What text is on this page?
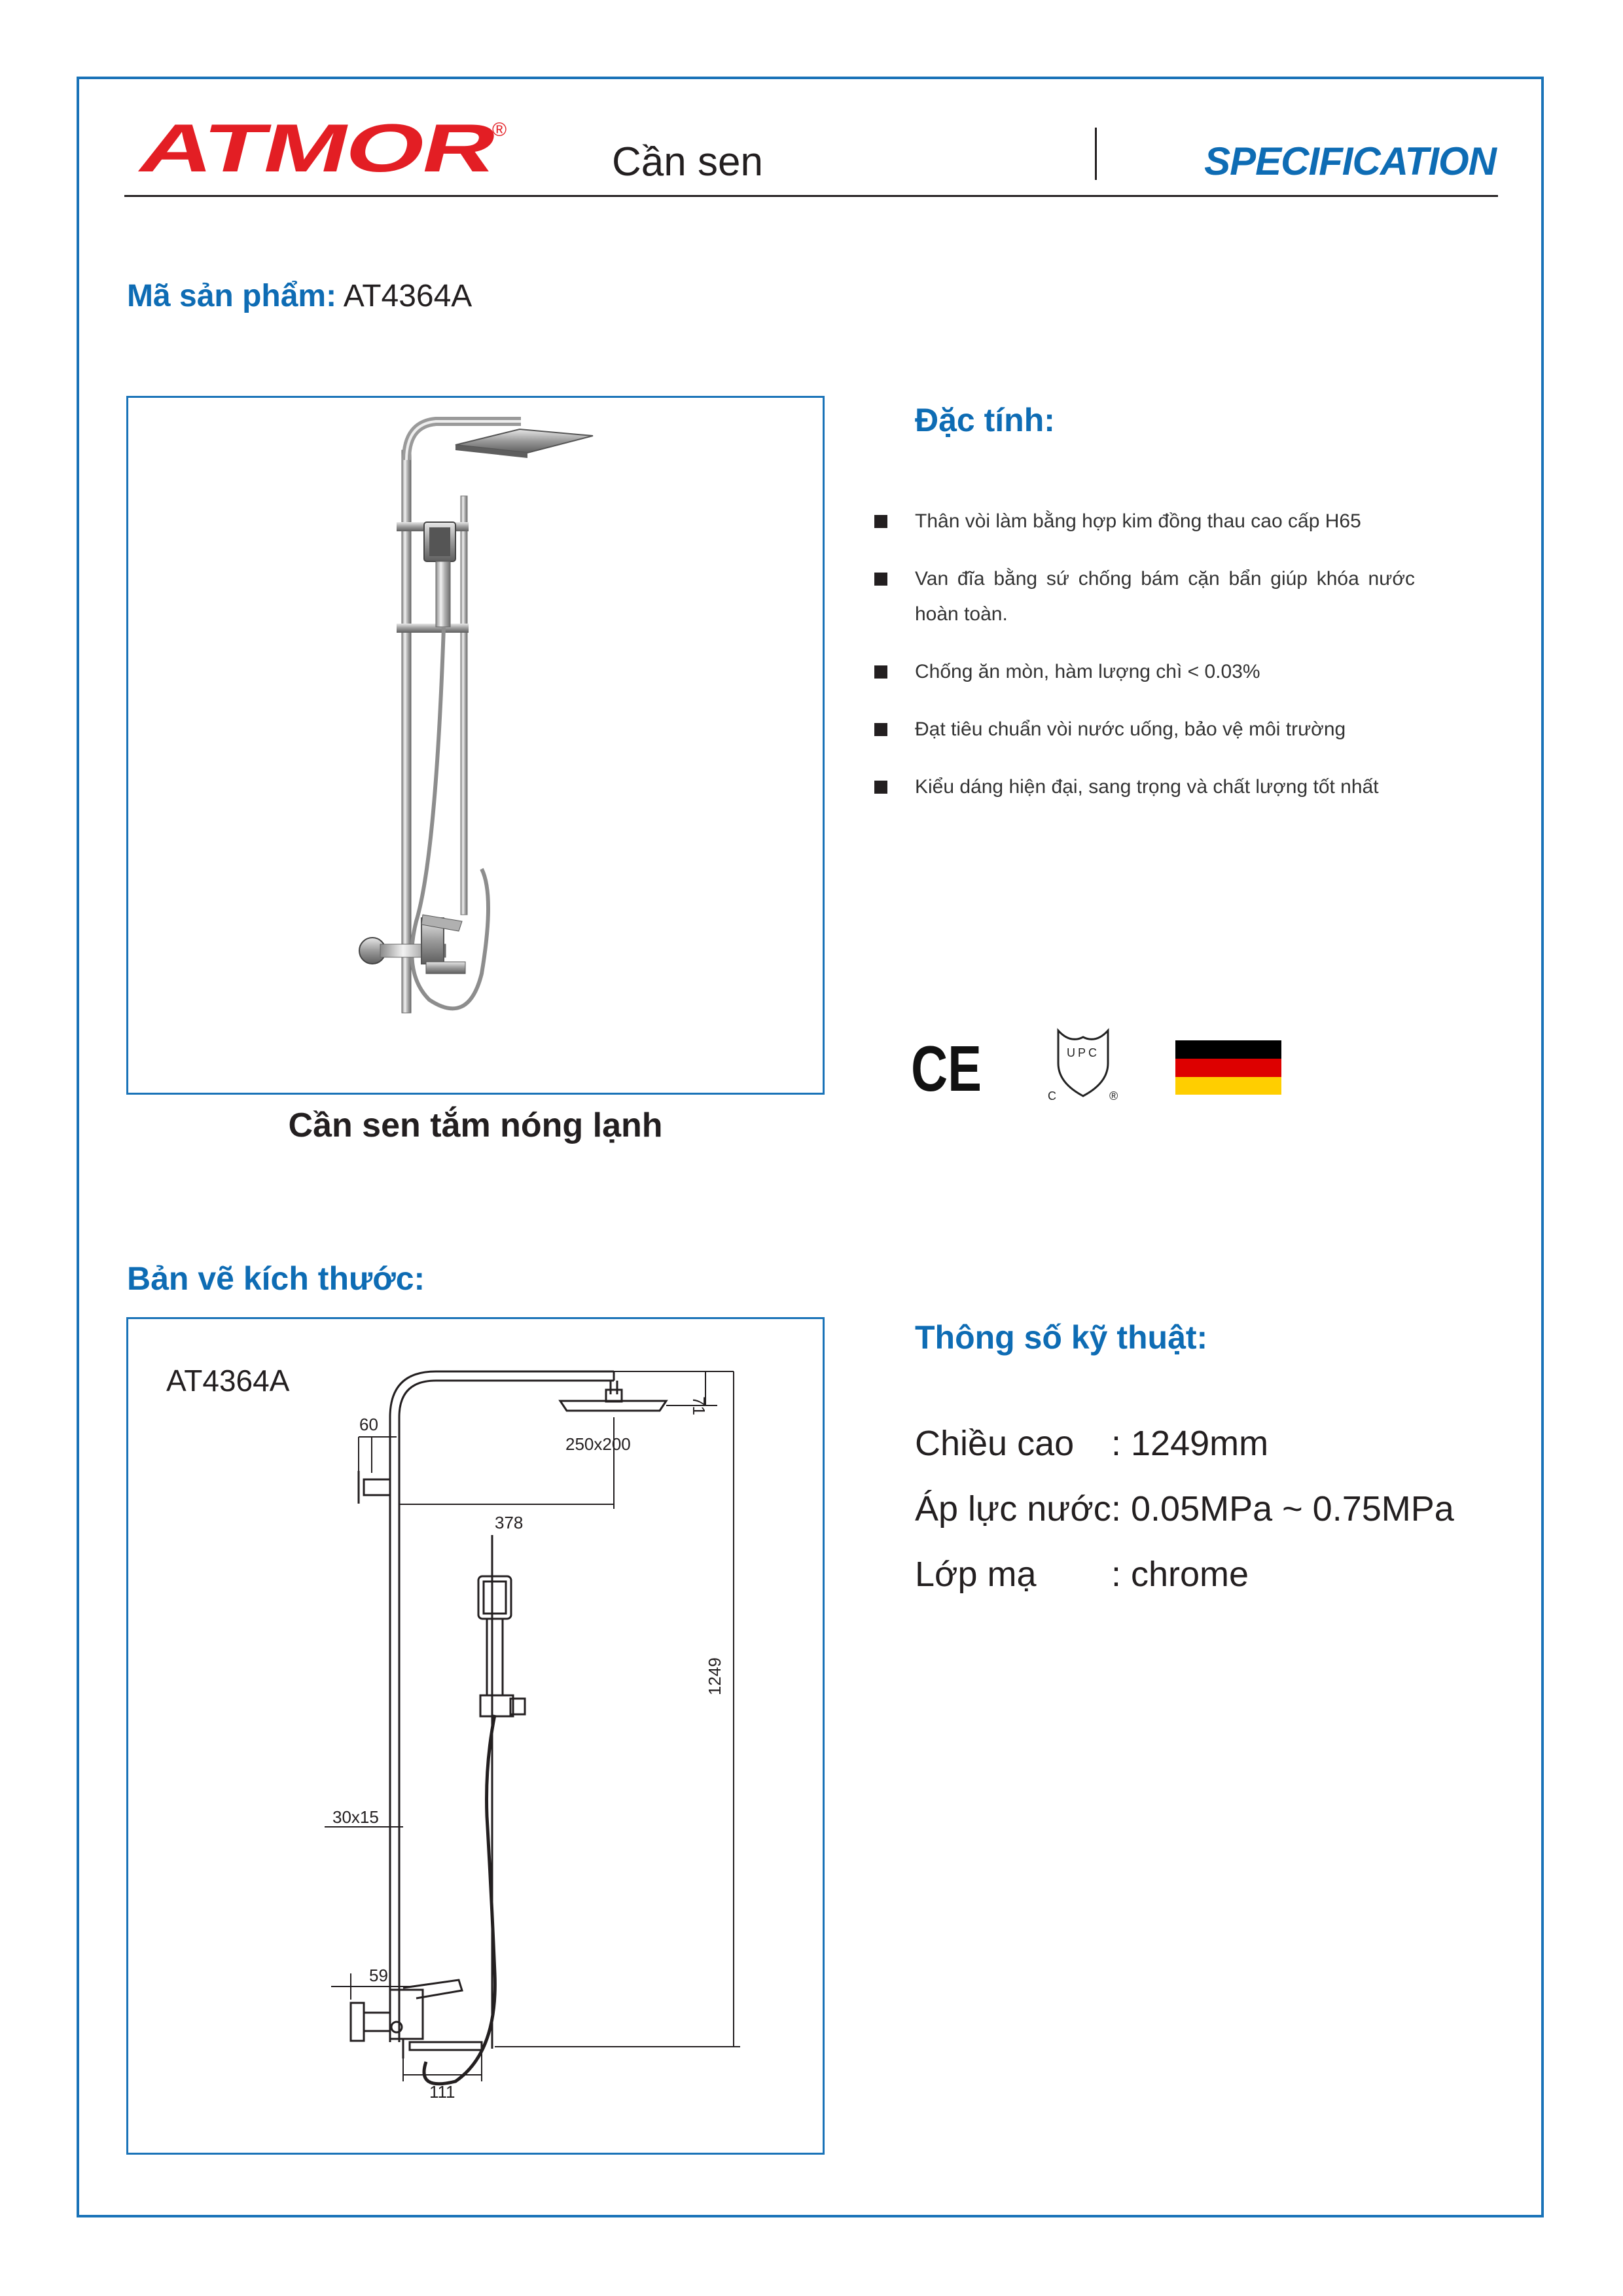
ATMOR	®
Cần sen	SPECIFICATION
Mã sản phẩm: AT4364A
Cần sen tắm nóng lạnh
Đặc tính:
Thân vòi làm bằng hợp kim đồng thau cao cấp H65
Van đĩa bằng sứ chống bám cặn bẩn giúp khóa nước hoàn toàn.
Chống ăn mòn, hàm lượng chì < 0.03%
Đạt tiêu chuẩn vòi nước uống, bảo vệ môi trường
Kiểu dáng hiện đại, sang trọng và chất lượng tốt nhất
CE	UPC
C	®
Bản vẽ kích thước:
AT4364A
71
60
250x200
378
1249
30x15
59
111
Thông số kỹ thuật:
Chiều cao : 1249mm
Áp lực nước: 0.05MPa ~ 0.75MPa
Lớp mạ : chrome
